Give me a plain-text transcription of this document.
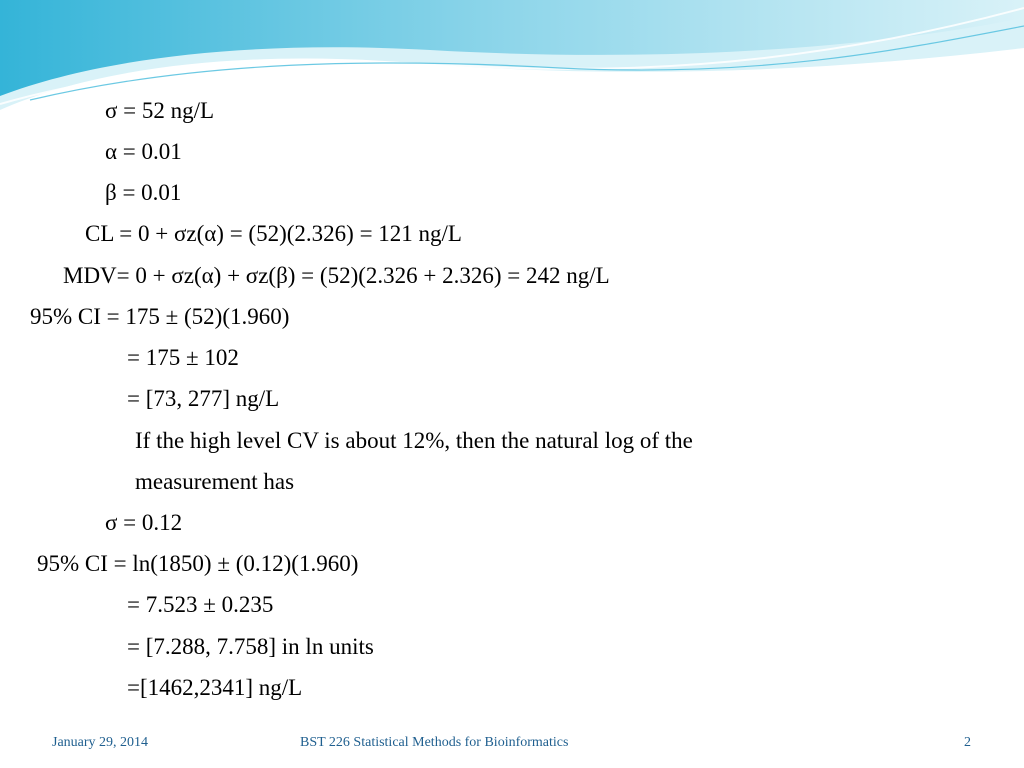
σ = 52 ng/L
α = 0.01
β = 0.01
CL = 0 + σz(α) = (52)(2.326) = 121 ng/L
MDV= 0 + σz(α) + σz(β) = (52)(2.326 + 2.326) = 242 ng/L
95% CI = 175 ± (52)(1.960)
= 175 ± 102
= [73, 277] ng/L
If the high level CV is about 12%, then the natural log of the
measurement has
σ = 0.12
95% CI = ln(1850) ± (0.12)(1.960)
= 7.523 ± 0.235
= [7.288, 7.758] in ln units
=[1462,2341] ng/L
January 29, 2014	BST 226 Statistical Methods for Bioinformatics	2
